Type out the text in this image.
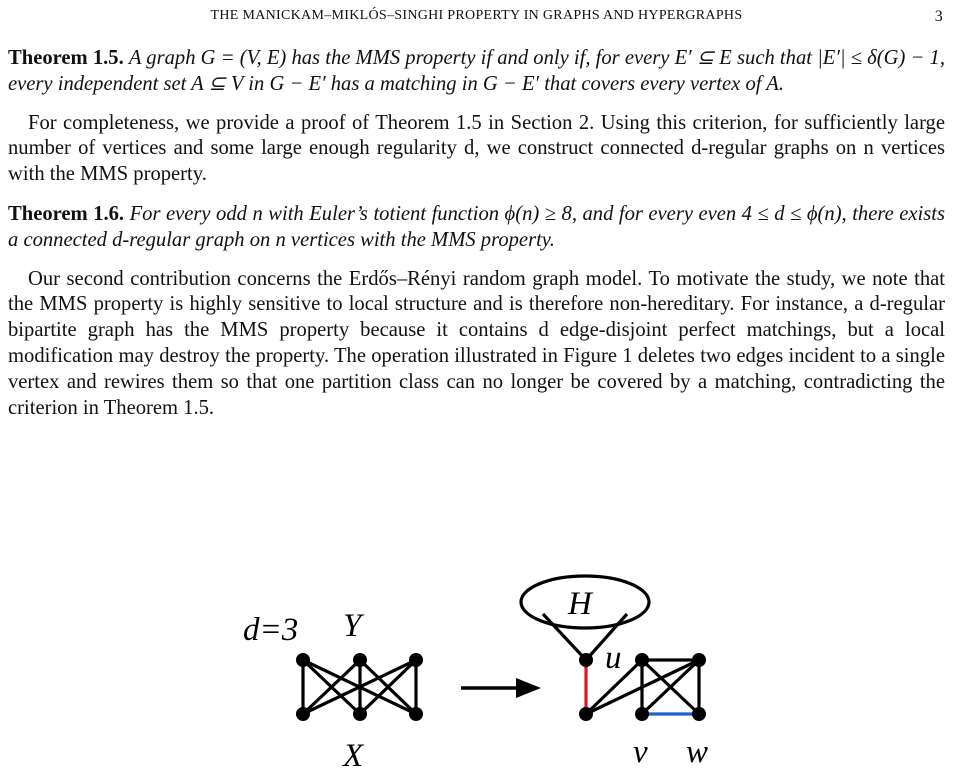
THE MANICKAM–MIKLÓS–SINGHI PROPERTY IN GRAPHS AND HYPERGRAPHS	3

Theorem 1.5. A graph G = (V, E) has the MMS property if and only if, for every E′ ⊆ E such that |E′| ≤ δ(G) − 1, every independent set A ⊆ V in G − E′ has a matching in G − E′ that covers every vertex of A.

For completeness, we provide a proof of Theorem 1.5 in Section 2. Using this criterion, for sufficiently large number of vertices and some large enough regularity d, we construct connected d-regular graphs on n vertices with the MMS property.

Theorem 1.6. For every odd n with Euler’s totient function ϕ(n) ≥ 8, and for every even 4 ≤ d ≤ ϕ(n), there exists a connected d-regular graph on n vertices with the MMS property.

Our second contribution concerns the Erdős–Rényi random graph model. To motivate the study, we note that the MMS property is highly sensitive to local structure and is therefore non-hereditary. For instance, a d-regular bipartite graph has the MMS property because it contains d edge-disjoint perfect matchings, but a local modification may destroy the property. The operation illustrated in Figure 1 deletes two edges incident to a single vertex and rewires them so that one partition class can no longer be covered by a matching, contradicting the criterion in Theorem 1.5.

d=3 Y
X
H
u
v w
